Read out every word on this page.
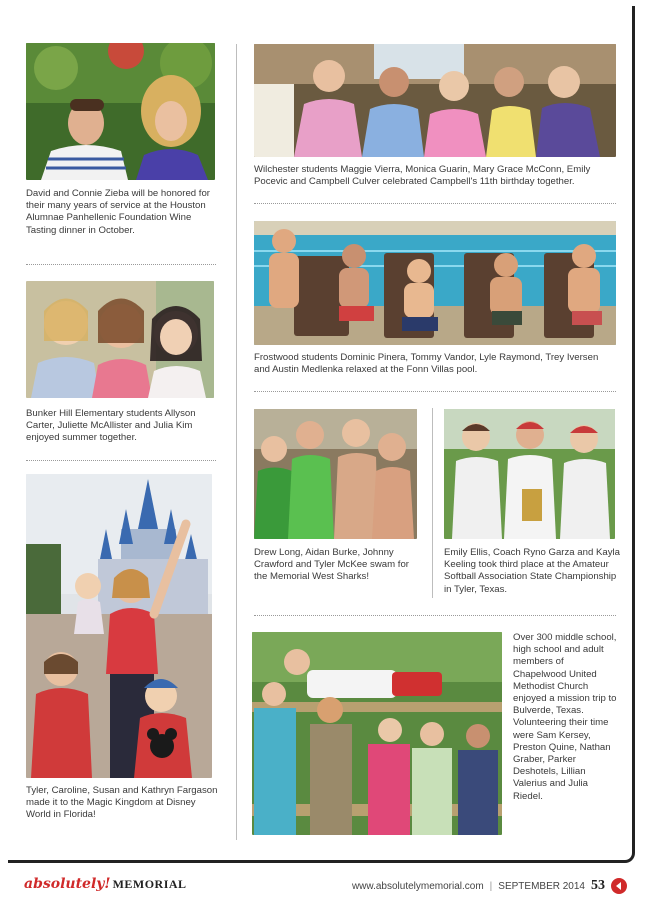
David and Connie Zieba will be honored for their many years of service at the Houston Alumnae Panhellenic Foundation Wine Tasting dinner in October.

Wilchester students Maggie Vierra, Monica Guarin, Mary Grace McConn, Emily Pocevic and Campbell Culver celebrated Campbell's 11th birthday together.

Bunker Hill Elementary students Allyson Carter, Juliette McAllister and Julia Kim enjoyed summer together.

Frostwood students Dominic Pinera, Tommy Vandor, Lyle Raymond, Trey Iversen and Austin Medlenka relaxed at the Fonn Villas pool.

Tyler, Caroline, Susan and Kathryn Fargason made it to the Magic Kingdom at Disney World in Florida!

Drew Long, Aidan Burke, Johnny Crawford and Tyler McKee swam for the Memorial West Sharks!

Emily Ellis, Coach Ryno Garza and Kayla Keeling took third place at the Amateur Softball Association State Championship in Tyler, Texas.

Over 300 middle school, high school and adult members of Chapelwood United Methodist Church enjoyed a mission trip to Bulverde, Texas. Volunteering their time were Sam Kersey, Preston Quine, Nathan Graber, Parker Deshotels, Lillian Valerius and Julia Riedel.

absolutely! MEMORIAL	www.absolutelymemorial.com | SEPTEMBER 2014 53
